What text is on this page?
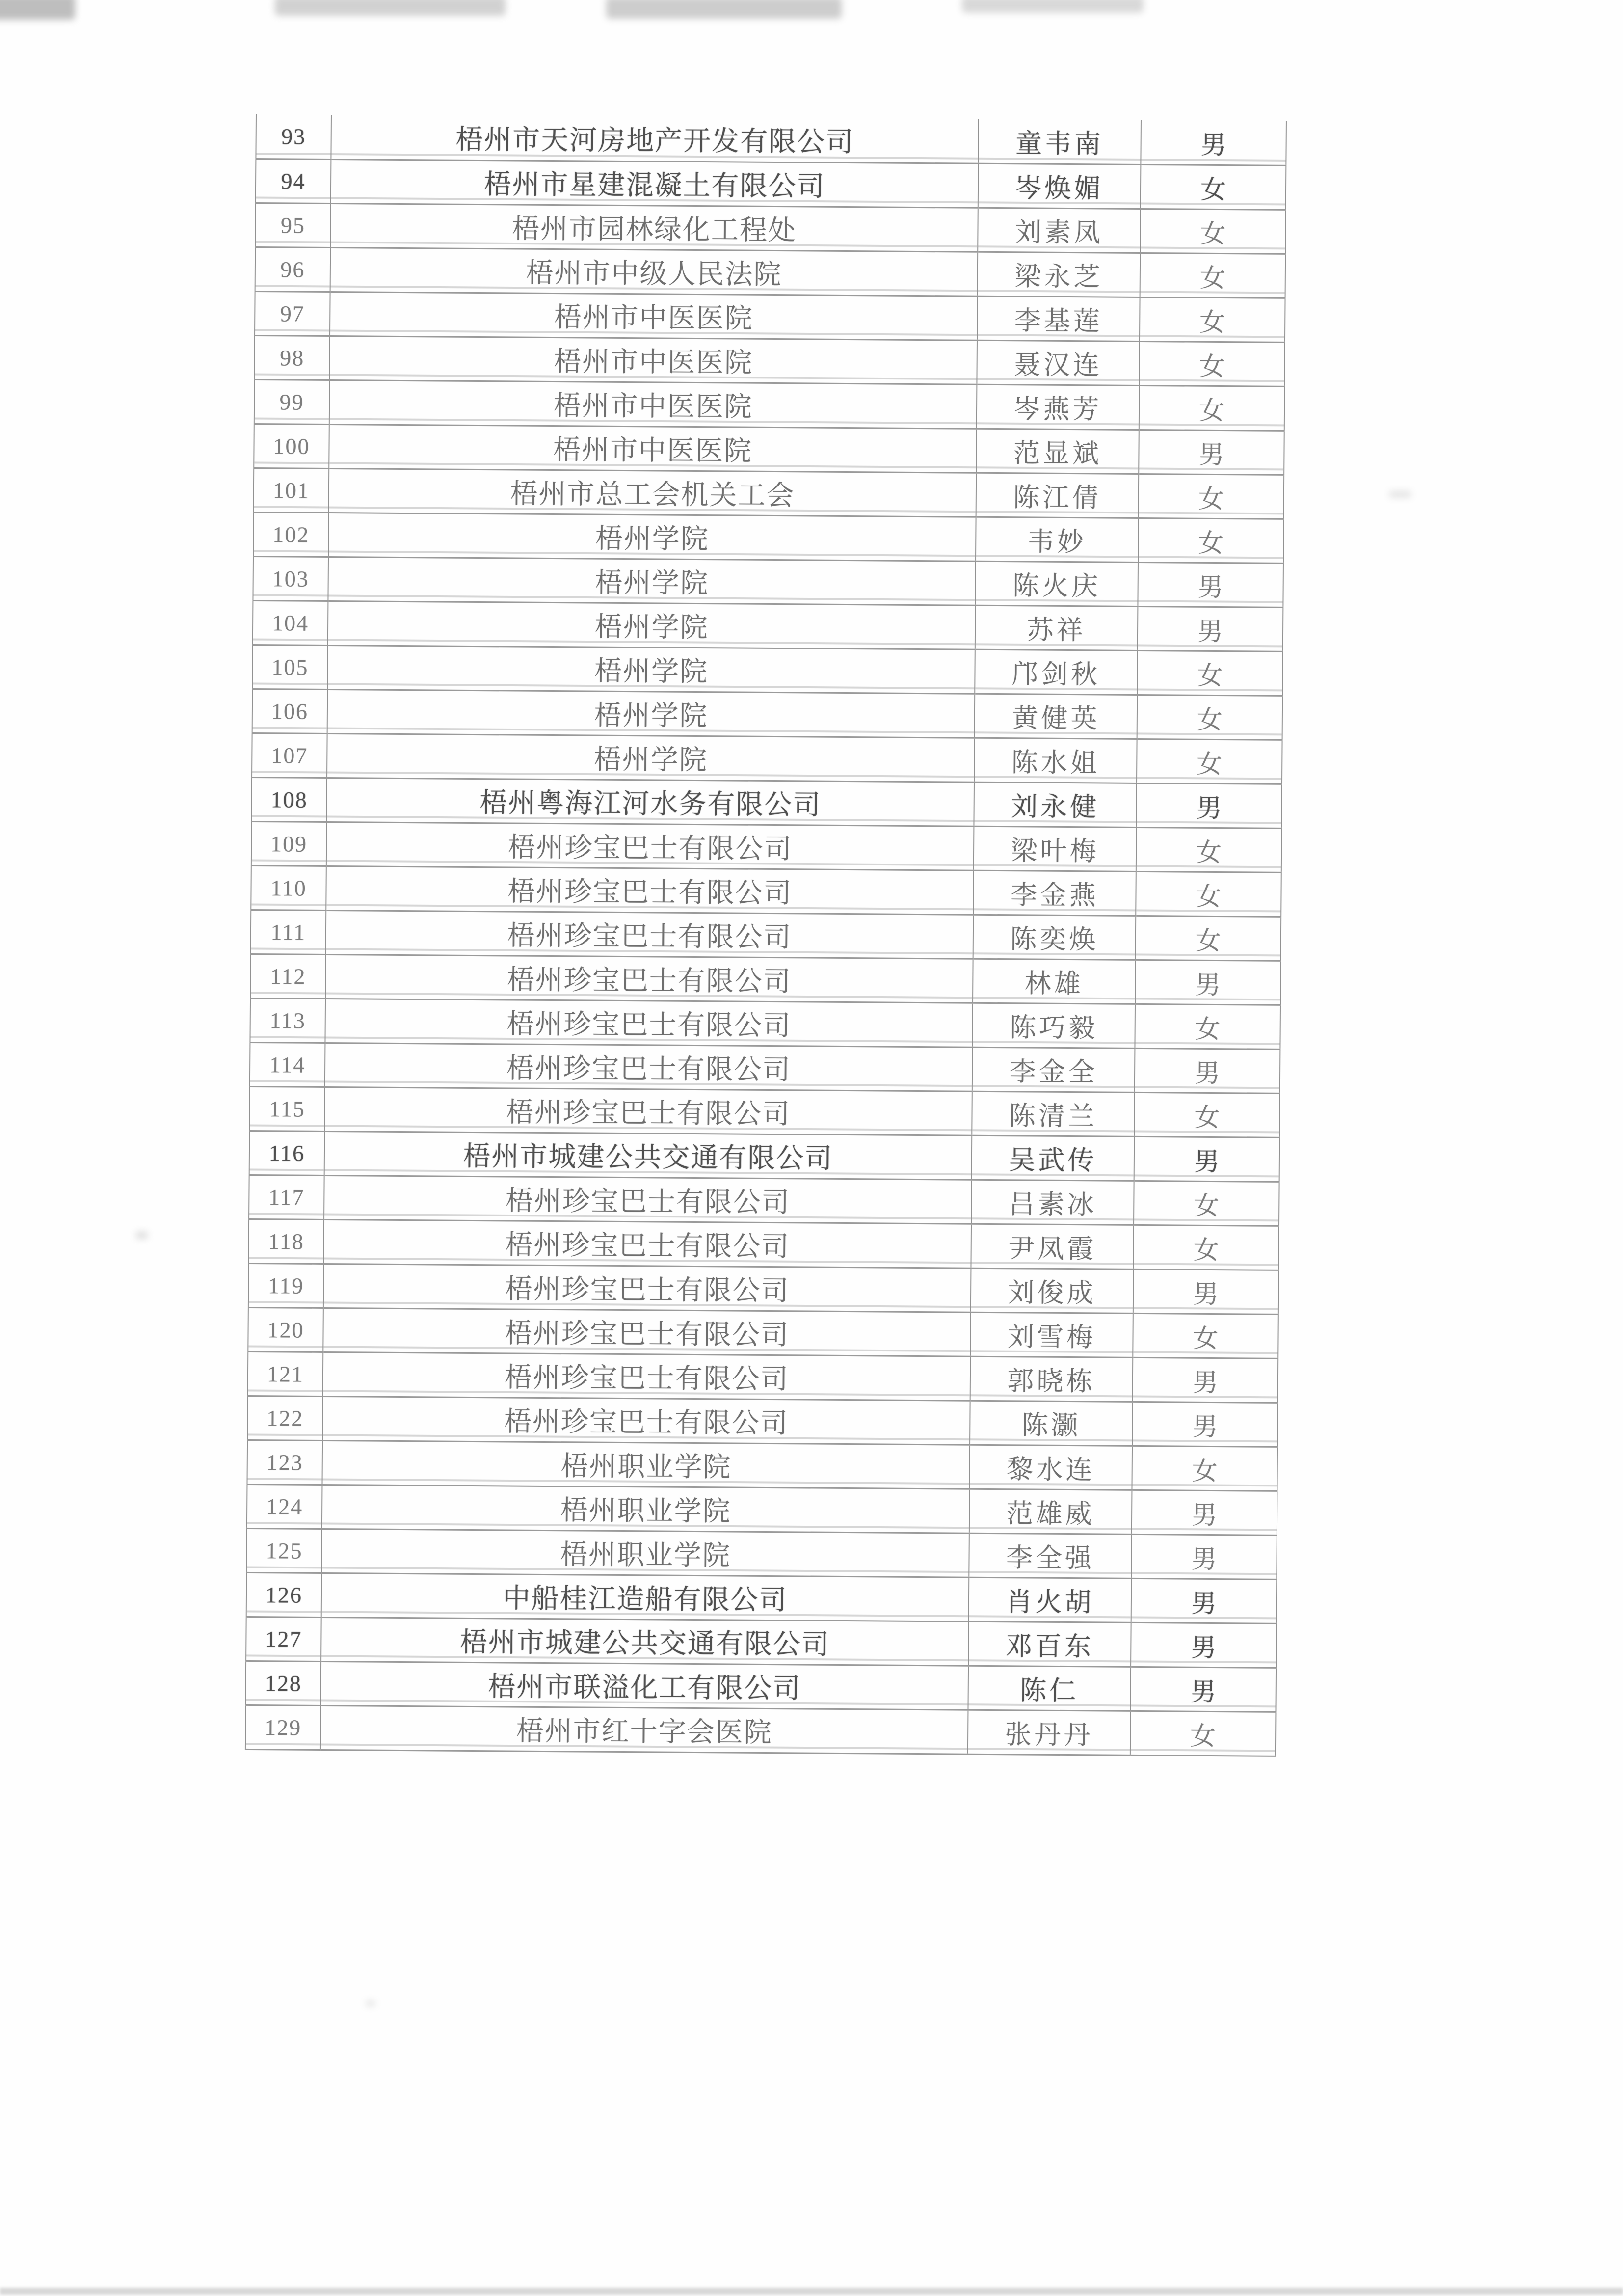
93	梧州市天河房地产开发有限公司	童韦南	男
94	梧州市星建混凝土有限公司	岑焕媚	女
95	梧州市园林绿化工程处	刘素凤	女
96	梧州市中级人民法院	梁永芝	女
97	梧州市中医医院	李基莲	女
98	梧州市中医医院	聂汉连	女
99	梧州市中医医院	岑燕芳	女
100	梧州市中医医院	范显斌	男
101	梧州市总工会机关工会	陈江倩	女
102	梧州学院	韦妙	女
103	梧州学院	陈火庆	男
104	梧州学院	苏祥	男
105	梧州学院	邝剑秋	女
106	梧州学院	黄健英	女
107	梧州学院	陈水姐	女
108	梧州粤海江河水务有限公司	刘永健	男
109	梧州珍宝巴士有限公司	梁叶梅	女
110	梧州珍宝巴士有限公司	李金燕	女
111	梧州珍宝巴士有限公司	陈奕焕	女
112	梧州珍宝巴士有限公司	林雄	男
113	梧州珍宝巴士有限公司	陈巧毅	女
114	梧州珍宝巴士有限公司	李金全	男
115	梧州珍宝巴士有限公司	陈清兰	女
116	梧州市城建公共交通有限公司	吴武传	男
117	梧州珍宝巴士有限公司	吕素冰	女
118	梧州珍宝巴士有限公司	尹凤霞	女
119	梧州珍宝巴士有限公司	刘俊成	男
120	梧州珍宝巴士有限公司	刘雪梅	女
121	梧州珍宝巴士有限公司	郭晓栋	男
122	梧州珍宝巴士有限公司	陈灏	男
123	梧州职业学院	黎水连	女
124	梧州职业学院	范雄威	男
125	梧州职业学院	李全强	男
126	中船桂江造船有限公司	肖火胡	男
127	梧州市城建公共交通有限公司	邓百东	男
128	梧州市联溢化工有限公司	陈仁	男
129	梧州市红十字会医院	张丹丹	女
